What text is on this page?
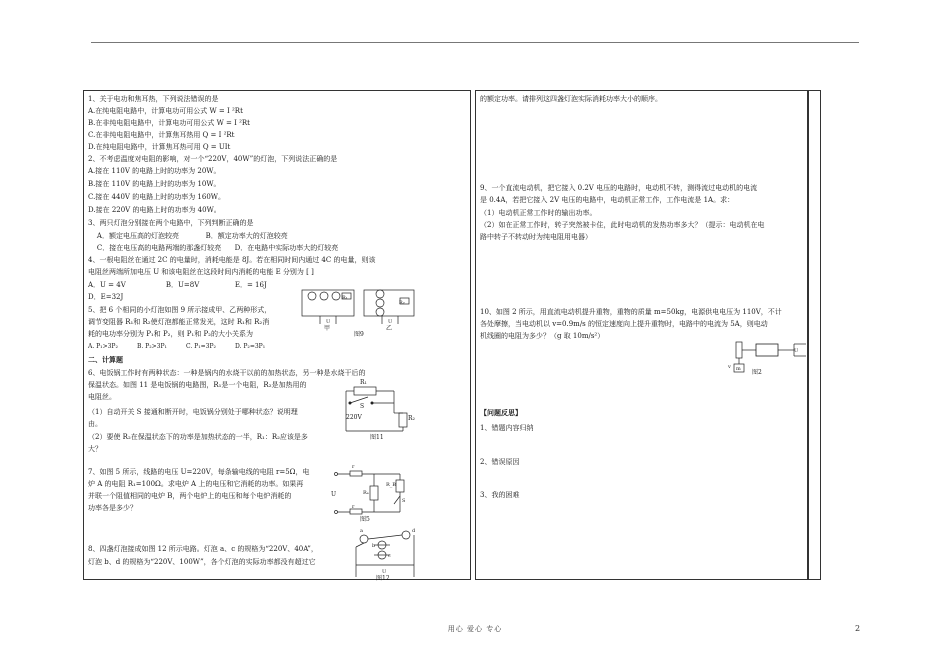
1、关于电功和焦耳热，下列说法错误的是
A.在纯电阻电路中，计算电功可用公式 W = I ²Rt
B.在非纯电阻电路中，计算电功可用公式 W = I ²Rt
C.在非纯电阻电路中，计算焦耳热用 Q = I ²Rt
D.在纯电阻电路中，计算焦耳热可用 Q = UIt
2、不考虑温度对电阻的影响，对一个“220V，40W”的灯泡，下列说法正确的是
A.接在 110V 的电路上时的功率为 20W。
B.接在 110V 的电路上时的功率为 10W。
C.接在 440V 的电路上时的功率为 160W。
D.接在 220V 的电路上时的功率为 40W。
3、两只灯泡分别接在两个电路中，下列判断正确的是
A．额定电压高的灯泡较亮            B．额定功率大的灯泡较亮
C．接在电压高的电路两端的那盏灯较亮      D．在电路中实际功率大的灯较亮
4、一根电阻丝在通过 2C 的电量时，消耗电能是 8J。若在相同时间内通过 4C 的电量，则该
电阻丝两端所加电压 U 和该电阻丝在这段时间内消耗的电能 E 分别为 [ ]
A．U = 4V                  B．U=8V                E．= 16J
D．E=32J
5、把 6 个相同的小灯泡如图 9 所示接成甲、乙两种形式，
调节变阻器 R₁和 R₂使灯泡都能正常发光，这时 R₁和 R₂消
耗的电功率分别为 P₁和 P₂，则 P₁和 P₂的大小关系为
A. P₁>3P₂          B. P₂>3P₁          C. P₁=3P₂          D. P₂=3P₁
二、计算题
6、电饭锅工作时有两种状态：一种是锅内的水烧干以前的加热状态，另一种是水烧干后的
保温状态。如图 11 是电饭锅的电路图，R₁是一个电阻，R₂是加热用的
电阻丝。
（1）自动开关 S 接通和断开时，电饭锅分别处于哪种状态？说明理
由。
（2）要使 R₂在保温状态下的功率是加热状态的一半，R₁：R₂应该是多
大？
7、如图 5 所示，线路的电压 U=220V，每条输电线的电阻 r=5Ω，电
炉 A 的电阻 R₁=100Ω。求电炉 A 上的电压和它消耗的功率。如果再
并联一个阻值相同的电炉 B，两个电炉上的电压和每个电炉消耗的
功率各是多少？
8、四盏灯泡接成如图 12 所示电路。灯泡 a、c 的规格为“220V、40A”，
灯泡 b、d 的规格为“220V、100W”，各个灯泡的实际功率都没有超过它
R₁
R₂
U	U
甲	乙
图9
R₁
R₂
S
220V
图11
r
r
Rₐ
R_B
U
S
图5
a
b
c
d
U
图12
的额定功率。请排列这四盏灯泡实际消耗功率大小的顺序。
9、一个直流电动机，把它接入 0.2V 电压的电路时，电动机不转，测得流过电动机的电流
是 0.4A，若把它接入 2V 电压的电路中，电动机正常工作，工作电流是 1A。求：
（1）电动机正常工作时的输出功率。
（2）如在正常工作时，转子突然被卡住，此时电动机的发热功率多大？（提示：电动机在电
路中转子不转动时为纯电阻用电器）
10、如图 2 所示，用直流电动机提升重物，重物的质量 m=50kg，电源供电电压为 110V，不计
各处摩擦，当电动机以 v=0.9m/s 的恒定速度向上提升重物时，电路中的电流为 5A，则电动
机线圈的电阻为多少？（g 取 10m/s²）
U
v m 图2
【问题反思】
1、错题内容归纳
2、错误原因
3、我的困难
用心 爱心 专心	2
